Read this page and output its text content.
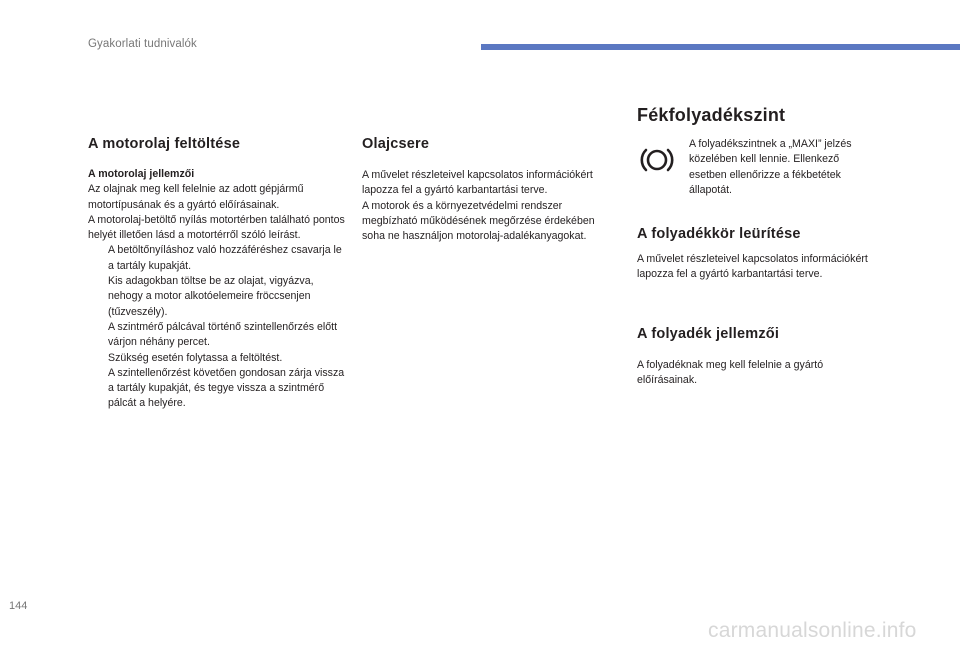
Gyakorlati tudnivalók
A motorolaj feltöltése
A motorolaj jellemzői

Az olajnak meg kell felelnie az adott gépjármű motortípusának és a gyártó előírásainak.

A motorolaj-betöltő nyílás motortérben található pontos helyét illetően lásd a motortérről szóló leírást.

A betöltőnyíláshoz való hozzáféréshez csavarja le a tartály kupakját.
Kis adagokban töltse be az olajat, vigyázva, nehogy a motor alkotóelemeire fröccsenjen (tűzveszély).
A szintmérő pálcával történő szintellenőrzés előtt várjon néhány percet.
Szükség esetén folytassa a feltöltést.
A szintellenőrzést követően gondosan zárja vissza a tartály kupakját, és tegye vissza a szintmérő pálcát a helyére.
Olajcsere

A művelet részleteivel kapcsolatos információkért lapozza fel a gyártó karbantartási terve.

A motorok és a környezetvédelmi rendszer megbízható működésének megőrzése érdekében soha ne használjon motorolaj-adalékanyagokat.

Fékfolyadékszint
A folyadékszintnek a „MAXI” jelzés közelében kell lennie. Ellenkező esetben ellenőrizze a fékbetétek állapotát.
A folyadékkör leürítése

A művelet részleteivel kapcsolatos információkért lapozza fel a gyártó karbantartási terve.

A folyadék jellemzői

A folyadéknak meg kell felelnie a gyártó előírásainak.

144
carmanualsonline.info
